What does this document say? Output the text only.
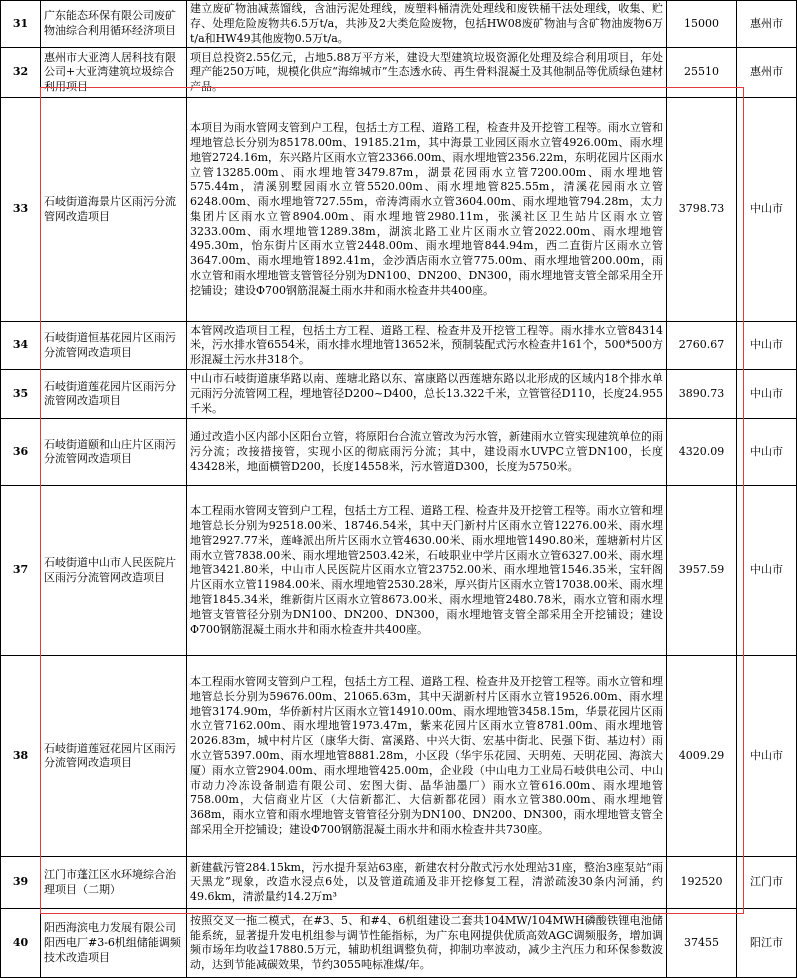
31	广东能态环保有限公司废矿物油综合利用循环经济项目	建立废矿物油减蒸馏线，含油污泥处理线，废塑料桶清洗处理线和废铁桶干法处理线，收集、贮存、处理危险废物共6.5万t/a，共涉及2大类危险废物，包括HW08废矿物油与含矿物油废物6万t/a和HW49其他废物0.5万t/a。	15000	惠州市
32	惠州市大亚湾人居科技有限公司+大亚湾建筑垃圾综合利用项目	项目总投资2.55亿元，占地5.88万平方米，建设大型建筑垃圾资源化处理及综合利用项目，年处理产能250万吨，规模化供应“海绵城市”生态透水砖、再生骨料混凝土及其他制品等优质绿色建材产品。	25510	惠州市
33	石岐街道海景片区雨污分流管网改造项目	本项目为雨水管网支管到户工程，包括土方工程、道路工程，检查井及开挖管工程等。雨水立管和埋地管总长分别为85178.00m、19185.21m，其中海景工业园区雨水立管4926.00m、雨水埋地管2724.16m，东兴路片区雨水立管23366.00m、雨水埋地管2356.22m，东明花园片区雨水立管13285.00m、雨水埋地管3479.87m，湖景花园雨水立管7200.00m、雨水埋地管575.44m，清溪别墅园雨水立管5520.00m、雨水埋地管825.55m，清溪花园雨水立管6248.00m、雨水埋地管727.55m，帝涛湾雨水立管3604.00m、雨水埋地管794.28m，太力集团片区雨水立管8904.00m、雨水埋地管2980.11m，张溪社区卫生站片区雨水立管3233.00m、雨水埋地管1289.38m，湖滨北路工业片区雨水立管2022.00m、雨水埋地管495.30m，怡东街片区雨水立管2448.00m、雨水埋地管844.94m，西二直街片区雨水立管3647.00m、雨水埋地管1892.41m，金沙酒店雨水立管775.00m、雨水埋地管200.00m，雨水立管和雨水埋地管支管管径分别为DN100、DN200、DN300，雨水埋地管支管全部采用全开挖铺设；建设Φ700钢筋混凝土雨水井和雨水检查井共400座。	3798.73	中山市
34	石岐街道恒基花园片区雨污分流管网改造项目	本管网改造项目工程，包括土方工程、道路工程、检查井及开挖管工程等。雨水排水立管84314米，污水排水管6554米，雨水排水埋地管13652米，预制装配式污水检查井161个，500*500方形混凝土污水井318个。	2760.67	中山市
35	石岐街道莲花园片区雨污分流管网改造项目	中山市石岐街道康华路以南、莲塘北路以东、富康路以西莲塘东路以北形成的区域内18个排水单元雨污分流管网工程，埋地管径D200~D400，总长13.322千米，立管管径D110，长度24.955千米。	3890.73	中山市
36	石岐街道颐和山庄片区雨污分流管网改造项目	通过改造小区内部小区阳台立管，将原阳台合流立管改为污水管，新建雨水立管实现建筑单位的雨污分流；改接措接管，实现小区的彻底雨污分流；其中，建设雨水UVPC立管DN100，长度43428米，地面横管D200，长度14558米，污水管道D300，长度为5750米。	4320.09	中山市
37	石岐街道中山市人民医院片区雨污分流管网改造项目	本工程雨水管网支管到户工程，包括土方工程、道路工程、检查井及开挖管工程等。雨水立管和埋地管总长分别为92518.00米、18746.54米，其中天门新村片区雨水立管12276.00米、雨水埋地管2927.77米，莲峰派出所片区雨水立管4630.00米、雨水埋地管1490.80米，莲塘新村片区雨水立管7838.00米、雨水埋地管2503.42米，石岐职业中学片区雨水立管6327.00米、雨水埋地管3421.80米，中山市人民医院片区雨水立管23752.00米、雨水埋地管1546.35米，宝轩阁片区雨水立管11984.00米、雨水埋地管2530.28米，厚兴街片区雨水立管17038.00米、雨水埋地管1845.34米，维新街片区雨水立管8673.00米、雨水埋地管2480.78米，雨水立管和雨水埋地管支管管径分别为DN100、DN200、DN300，雨水埋地管支管全部采用全开挖铺设；建设Φ700钢筋混凝土雨水井和雨水检查井共400座。	3957.59	中山市
38	石岐街道莲冠花园片区雨污分流管网改造项目	本工程雨水管网支管到户工程，包括土方工程、道路工程、检查井及开挖管工程等。雨水立管和埋地管总长分别为59676.00m、21065.63m，其中天湖新村片区雨水立管19526.00m、雨水埋地管3174.90m，华侨新村片区雨水立管14910.00m、雨水埋地管3458.15m，华景花园片区雨水立管7162.00m、雨水埋地管1973.47m，紫来花园片区雨水立管8781.00m、雨水埋地管2026.83m，城中村片区（康华大街、富溪路、中兴大街、宏基中街北、民强下街、基边村）雨水立管5397.00m、雨水埋地管8881.28m，小区段（华宇乐花园、天明苑、天明花园、海滨大厦）雨水立管2904.00m、雨水埋地管425.00m，企业段（中山电力工业局石岐供电公司、中山市动力冷冻设备制造有限公司、宏图大街、晶华油墨厂）雨水立管616.00m、雨水埋地管758.00m，大信商业片区（大信新都汇、大信新都花园）雨水立管380.00m、雨水埋地管368m，雨水立管和雨水埋地管支管管径分别为DN100、DN200、DN300，雨水埋地管支管全部采用全开挖铺设；建设Φ700钢筋混凝土雨水井和雨水检查井共730座。	4009.29	中山市
39	江门市蓬江区水环境综合治理项目（二期）	新建截污管284.15km，污水提升泵站63座，新建农村分散式污水处理站31座，整治3座泵站“雨天黑龙”现象，改造水浸点6处，以及管道疏通及非开挖修复工程，清淤疏浚30条内河涌，约49.6km，清淤量约14.2万m³	192520	江门市
40	阳西海滨电力发展有限公司阳西电厂#3-6机组储能调频技术改造项目	按照交叉一拖二模式，在#3、5、和#4、6机组建设二套共104MW/104MWH磷酸铁锂电池储能系统，显著提升发电机组参与调节性能指标，为广东电网提供优质高效AGC调频服务，增加调频市场年均收益17880.5万元，辅助机组调整负荷，抑制功率波动，减少主汽压力和环保参数波动，达到节能减碳效果，节约3055吨标准煤/年。	37455	阳江市
